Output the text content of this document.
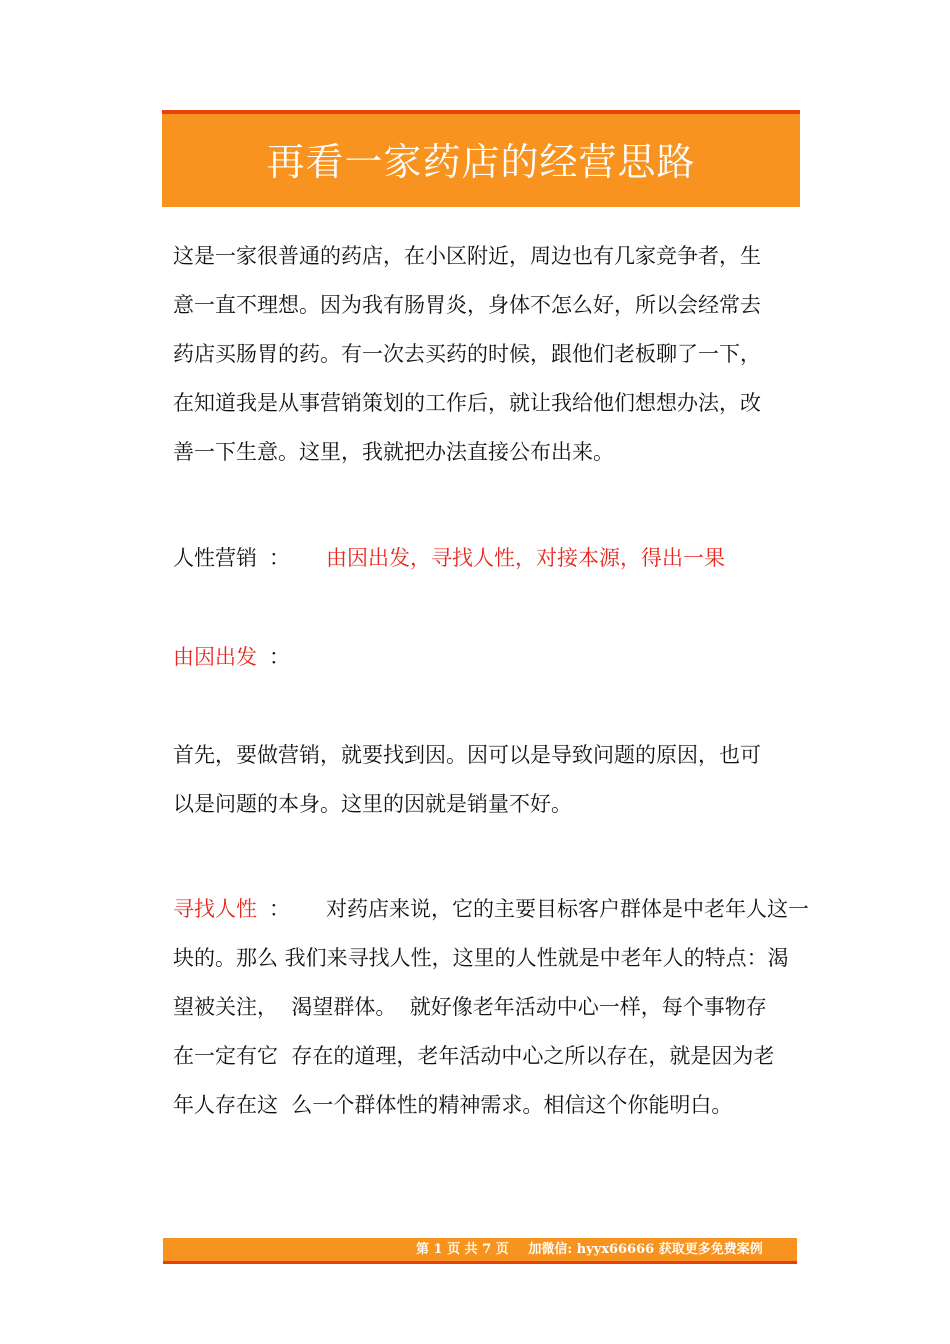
再看一家药店的经营思路
这是一家很普通的药店，在小区附近，周边也有几家竞争者，生
意一直不理想。因为我有肠胃炎，身体不怎么好，所以会经常去
药店买肠胃的药。有一次去买药的时候，跟他们老板聊了一下，
在知道我是从事营销策划的工作后，就让我给他们想想办法，改
善一下生意。这里，我就把办法直接公布出来。
人性营销 ： 由因出发，寻找人性，对接本源，得出一果
由因出发 ：
首先，要做营销，就要找到因。因可以是导致问题的原因，也可
以是问题的本身。这里的因就是销量不好。
寻找人性 ： 对药店来说，它的主要目标客户群体是中老年人这一
块的。那么 我们来寻找人性，这里的人性就是中老年人的特点：渴
望被关注，  渴望群体。  就好像老年活动中心一样，每个事物存
在一定有它  存在的道理，老年活动中心之所以存在，就是因为老
年人存在这  么一个群体性的精神需求。相信这个你能明白。
第 1 页 共 7 页 加微信: hyyx66666 获取更多免费案例
